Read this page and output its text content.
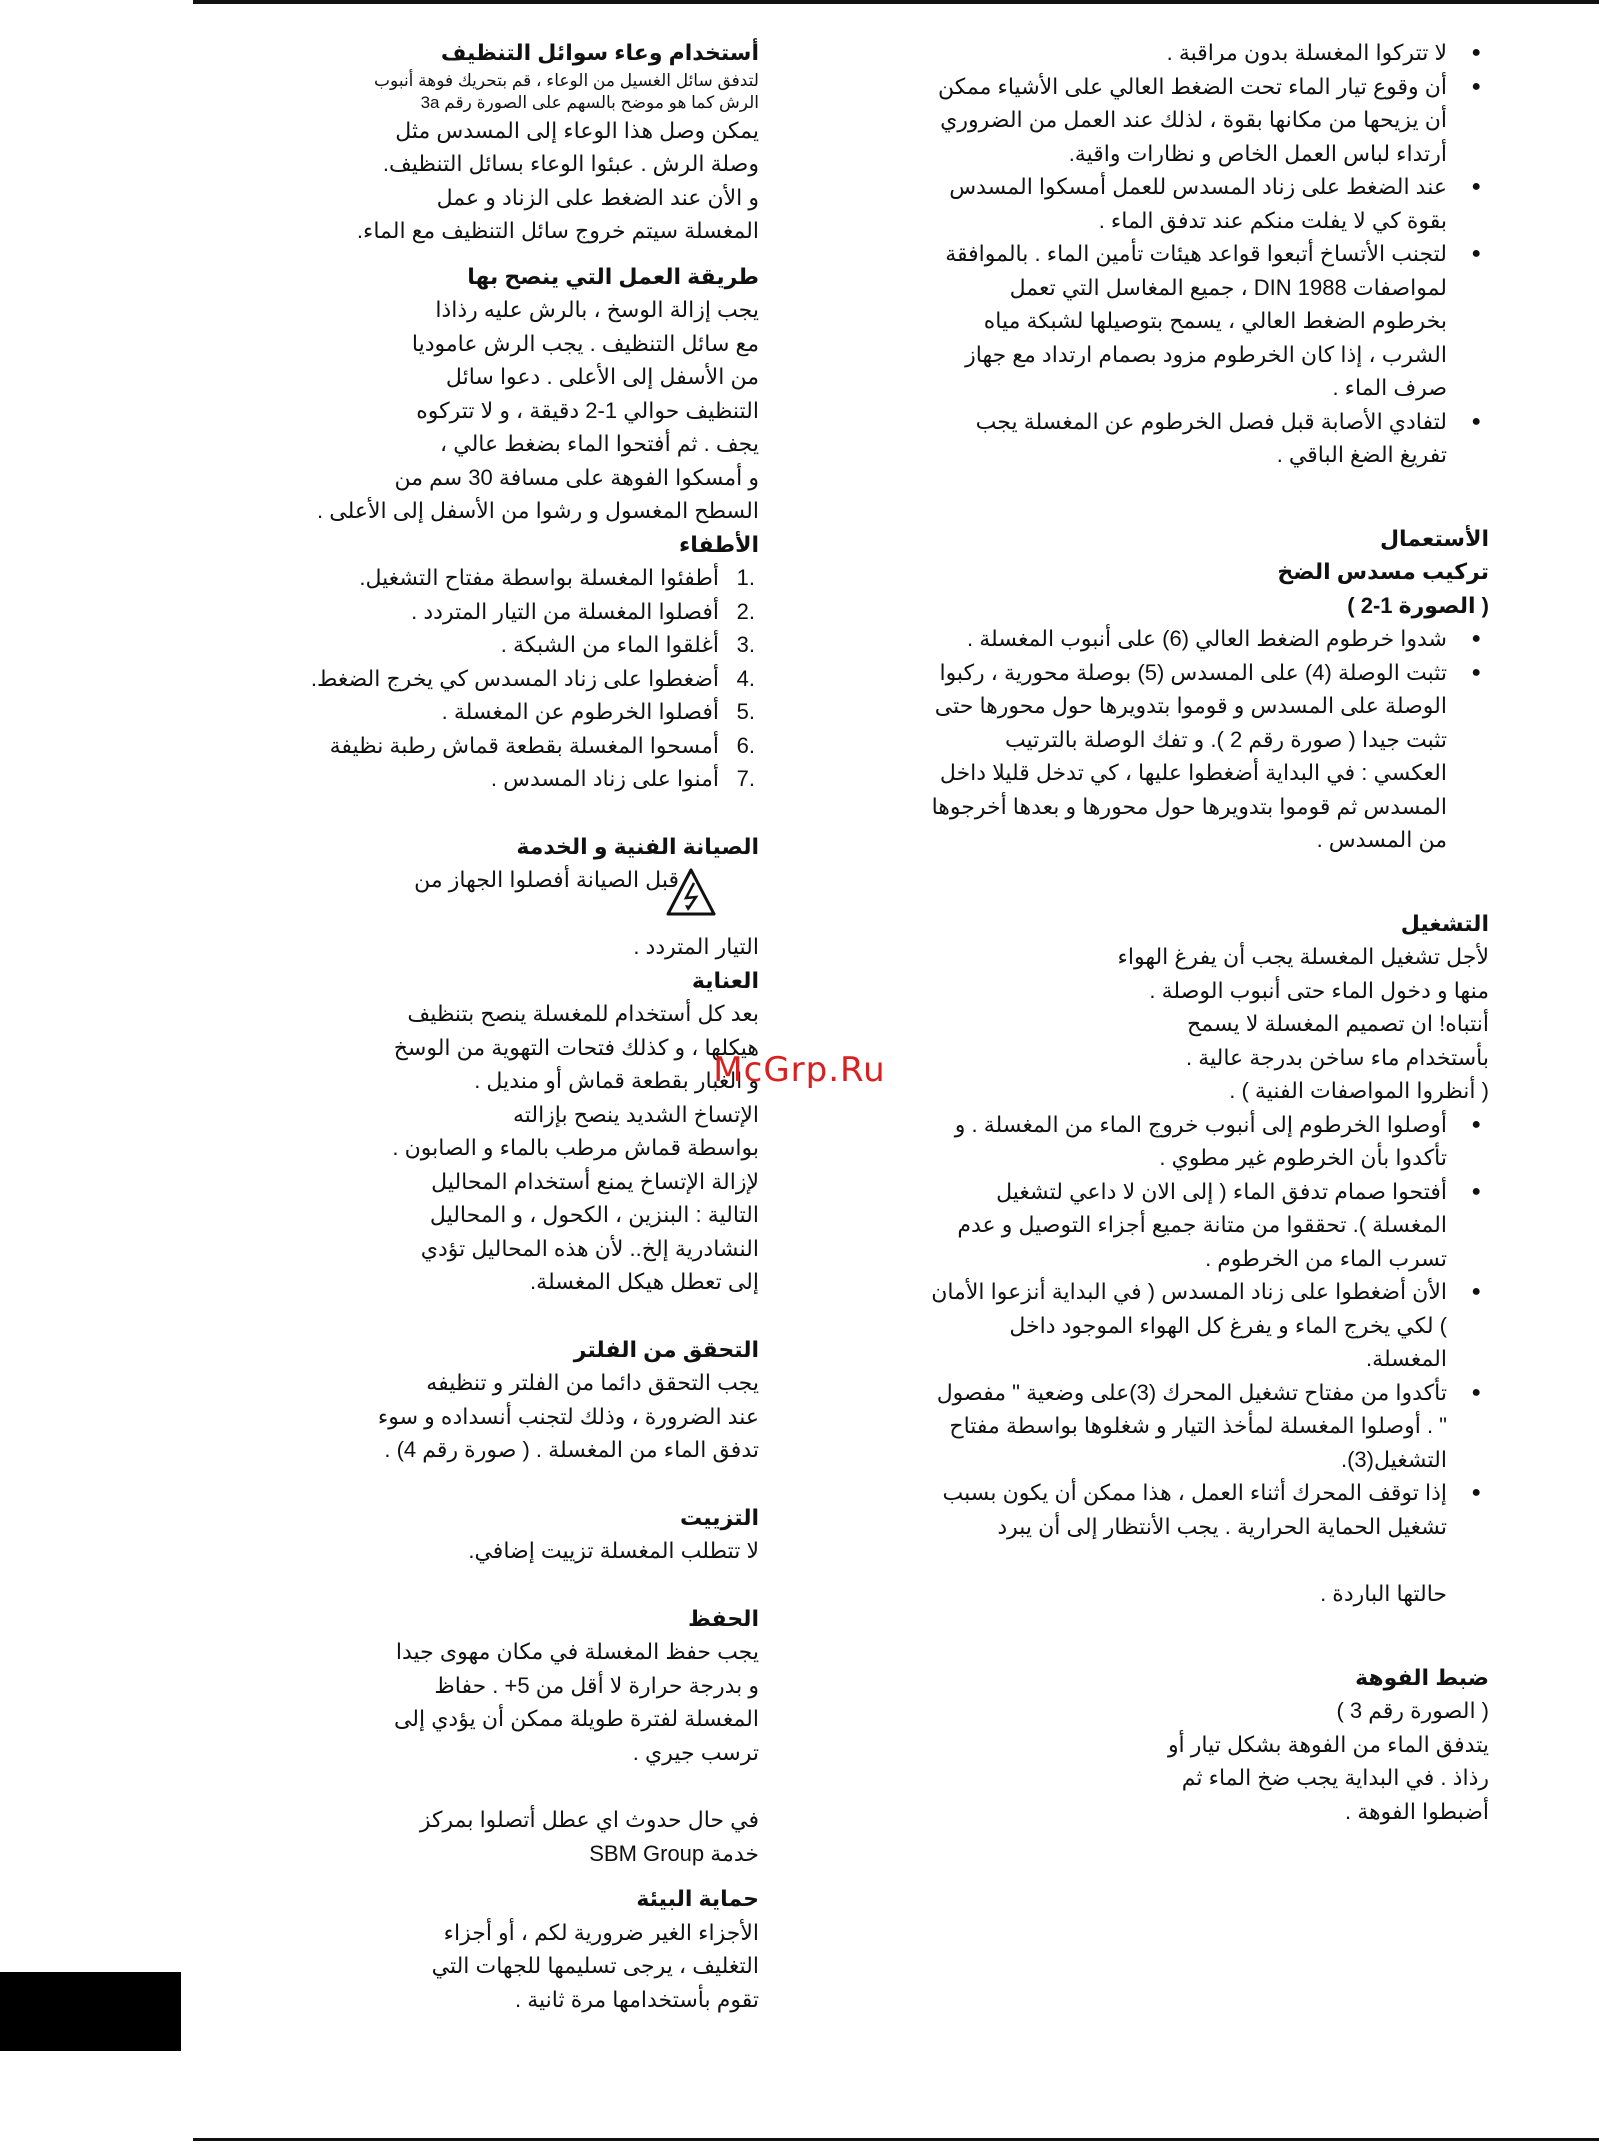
● لا تتركوا المغسلة بدون مراقبة .
● أن وقوع تيار الماء تحت الضغط العالي على الأشياء ممكن أن يزيحها من مكانها بقوة ، لذلك عند العمل من الضروري أرتداء لباس العمل الخاص و نظارات واقية.
● عند الضغط على زناد المسدس للعمل أمسكوا المسدس بقوة كي لا يفلت منكم عند تدفق الماء .
● لتجنب الأتساخ أتبعوا قواعد هيئات تأمين الماء . بالموافقة لمواصفات DIN 1988 ، جميع المغاسل التي تعمل بخرطوم الضغط العالي ، يسمح بتوصيلها لشبكة مياه الشرب ، إذا كان الخرطوم مزود بصمام ارتداد مع جهاز صرف الماء .
● لتفادي الأصابة قبل فصل الخرطوم عن المغسلة يجب تفريغ الضغ الباقي .

الأستعمال

تركيب مسدس الضخ

( الصورة 1-2 )

● شدوا خرطوم الضغط العالي (6) على أنبوب المغسلة .
● تثبت الوصلة (4) على المسدس (5) بوصلة محورية ، ركبوا الوصلة على المسدس و قوموا بتدويرها حول محورها حتى تثبت جيدا ( صورة رقم 2 ). و تفك الوصلة بالترتيب العكسي : في البداية أضغطوا عليها ، كي تدخل قليلا داخل المسدس ثم قوموا بتدويرها حول محورها و بعدها أخرجوها من المسدس .

التشغيل

لأجل تشغيل المغسلة يجب أن يفرغ الهواء

منها و دخول الماء حتى أنبوب الوصلة .

أنتباه! ان تصميم المغسلة لا يسمح

بأستخدام ماء ساخن بدرجة عالية .

( أنظروا المواصفات الفنية ) .

● أوصلوا الخرطوم إلى أنبوب خروج الماء من المغسلة . و تأكدوا بأن الخرطوم غير مطوي .
● أفتحوا صمام تدفق الماء ( إلى الان لا داعي لتشغيل المغسلة ). تحققوا من متانة جميع أجزاء التوصيل و عدم تسرب الماء من الخرطوم .
● الأن أضغطوا على زناد المسدس ( في البداية أنزعوا الأمان ) لكي يخرج الماء و يفرغ كل الهواء الموجود داخل المغسلة.
● تأكدوا من مفتاح تشغيل المحرك (3)على وضعية " مفصول " . أوصلوا المغسلة لمأخذ التيار و شغلوها بواسطة مفتاح التشغيل(3).
● إذا توقف المحرك أثناء العمل ، هذا ممكن أن يكون بسبب تشغيل الحماية الحرارية . يجب الأنتظار إلى أن يبرد

حالتها الباردة .

ضبط الفوهة

( الصورة رقم 3 )

يتدفق الماء من الفوهة بشكل تيار أو

رذاذ . في البداية يجب ضخ الماء ثم

أضبطوا الفوهة .

أستخدام وعاء سوائل التنظيف

لتدفق سائل الغسيل من الوعاء ، قم بتحريك فوهة أنبوب

الرش كما هو موضح بالسهم على الصورة رقم 3a

يمكن وصل هذا الوعاء إلى المسدس مثل

وصلة الرش . عبئوا الوعاء بسائل التنظيف.

و الأن عند الضغط على الزناد و عمل

المغسلة سيتم خروج سائل التنظيف مع الماء.

طريقة العمل التي ينصح بها

يجب إزالة الوسخ ، بالرش عليه رذاذا

مع سائل التنظيف . يجب الرش عاموديا

من الأسفل إلى الأعلى . دعوا سائل

التنظيف حوالي 1-2 دقيقة ، و لا تتركوه

يجف . ثم أفتحوا الماء بضغط عالي ،

و أمسكوا الفوهة على مسافة 30 سم من

السطح المغسول و رشوا من الأسفل إلى الأعلى .

الأطفاء

1.
أطفئوا المغسلة بواسطة مفتاح التشغيل.
2.
أفصلوا المغسلة من التيار المتردد .
3.
أغلقوا الماء من الشبكة .
4.
أضغطوا على زناد المسدس كي يخرج الضغط.
5.
أفصلوا الخرطوم عن المغسلة .
6.
أمسحوا المغسلة بقطعة قماش رطبة نظيفة
7.
أمنوا على زناد المسدس .

الصيانة الفنية و الخدمة

قبل الصيانة أفصلوا الجهاز من

التيار المتردد .

العناية

بعد كل أستخدام للمغسلة ينصح بتنظيف

هيكلها ، و كذلك فتحات التهوية من الوسخ

و الغبار بقطعة قماش أو منديل .

الإتساخ الشديد ينصح بإزالته

بواسطة قماش مرطب بالماء و الصابون .

لإزالة الإتساخ يمنع أستخدام المحاليل

التالية : البنزين ، الكحول ، و المحاليل

النشادرية إلخ.. لأن هذه المحاليل تؤدي

إلى تعطل هيكل المغسلة.

التحقق من الفلتر

يجب التحقق دائما من الفلتر و تنظيفه

عند الضرورة ، وذلك لتجنب أنسداده و سوء

تدفق الماء من المغسلة . ( صورة رقم 4) .

التزييت

لا تتطلب المغسلة تزييت إضافي.

الحفظ

يجب حفظ المغسلة في مكان مهوى جيدا

و بدرجة حرارة لا أقل من 5+ . حفاظ

المغسلة لفترة طويلة ممكن أن يؤدي إلى

ترسب جيري .

في حال حدوث اي عطل أتصلوا بمركز

خدمة SBM Group

حماية البيئة

الأجزاء الغير ضرورية لكم ، أو أجزاء

التغليف ، يرجى تسليمها للجهات التي

تقوم بأستخدامها مرة ثانية .

McGrp.Ru
